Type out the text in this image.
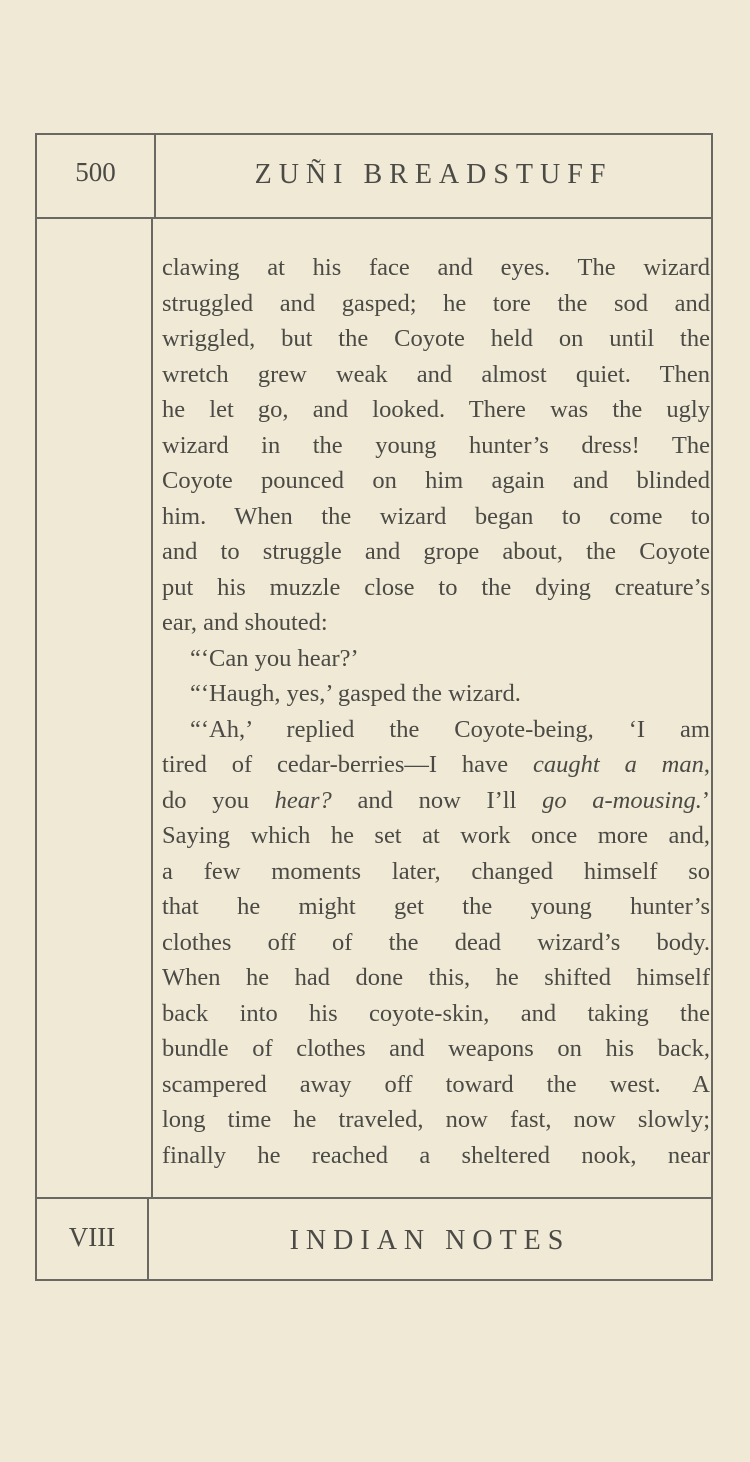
500	ZUÑI BREADSTUFF
clawing at his face and eyes. The wizard
struggled and gasped; he tore the sod and
wriggled, but the Coyote held on until the
wretch grew weak and almost quiet. Then
he let go, and looked. There was the ugly
wizard in the young hunter’s dress! The
Coyote pounced on him again and blinded
him. When the wizard began to come to
and to struggle and grope about, the Coyote
put his muzzle close to the dying creature’s
ear, and shouted:
“‘Can you hear?’
“‘Haugh, yes,’ gasped the wizard.
“‘Ah,’ replied the Coyote-being, ‘I am
tired of cedar-berries—I have caught a man,
do you hear? and now I’ll go a-mousing.’
Saying which he set at work once more and,
a few moments later, changed himself so
that he might get the young hunter’s
clothes off of the dead wizard’s body.
When he had done this, he shifted himself
back into his coyote-skin, and taking the
bundle of clothes and weapons on his back,
scampered away off toward the west. A
long time he traveled, now fast, now slowly;
finally he reached a sheltered nook, near
VIII	INDIAN NOTES
